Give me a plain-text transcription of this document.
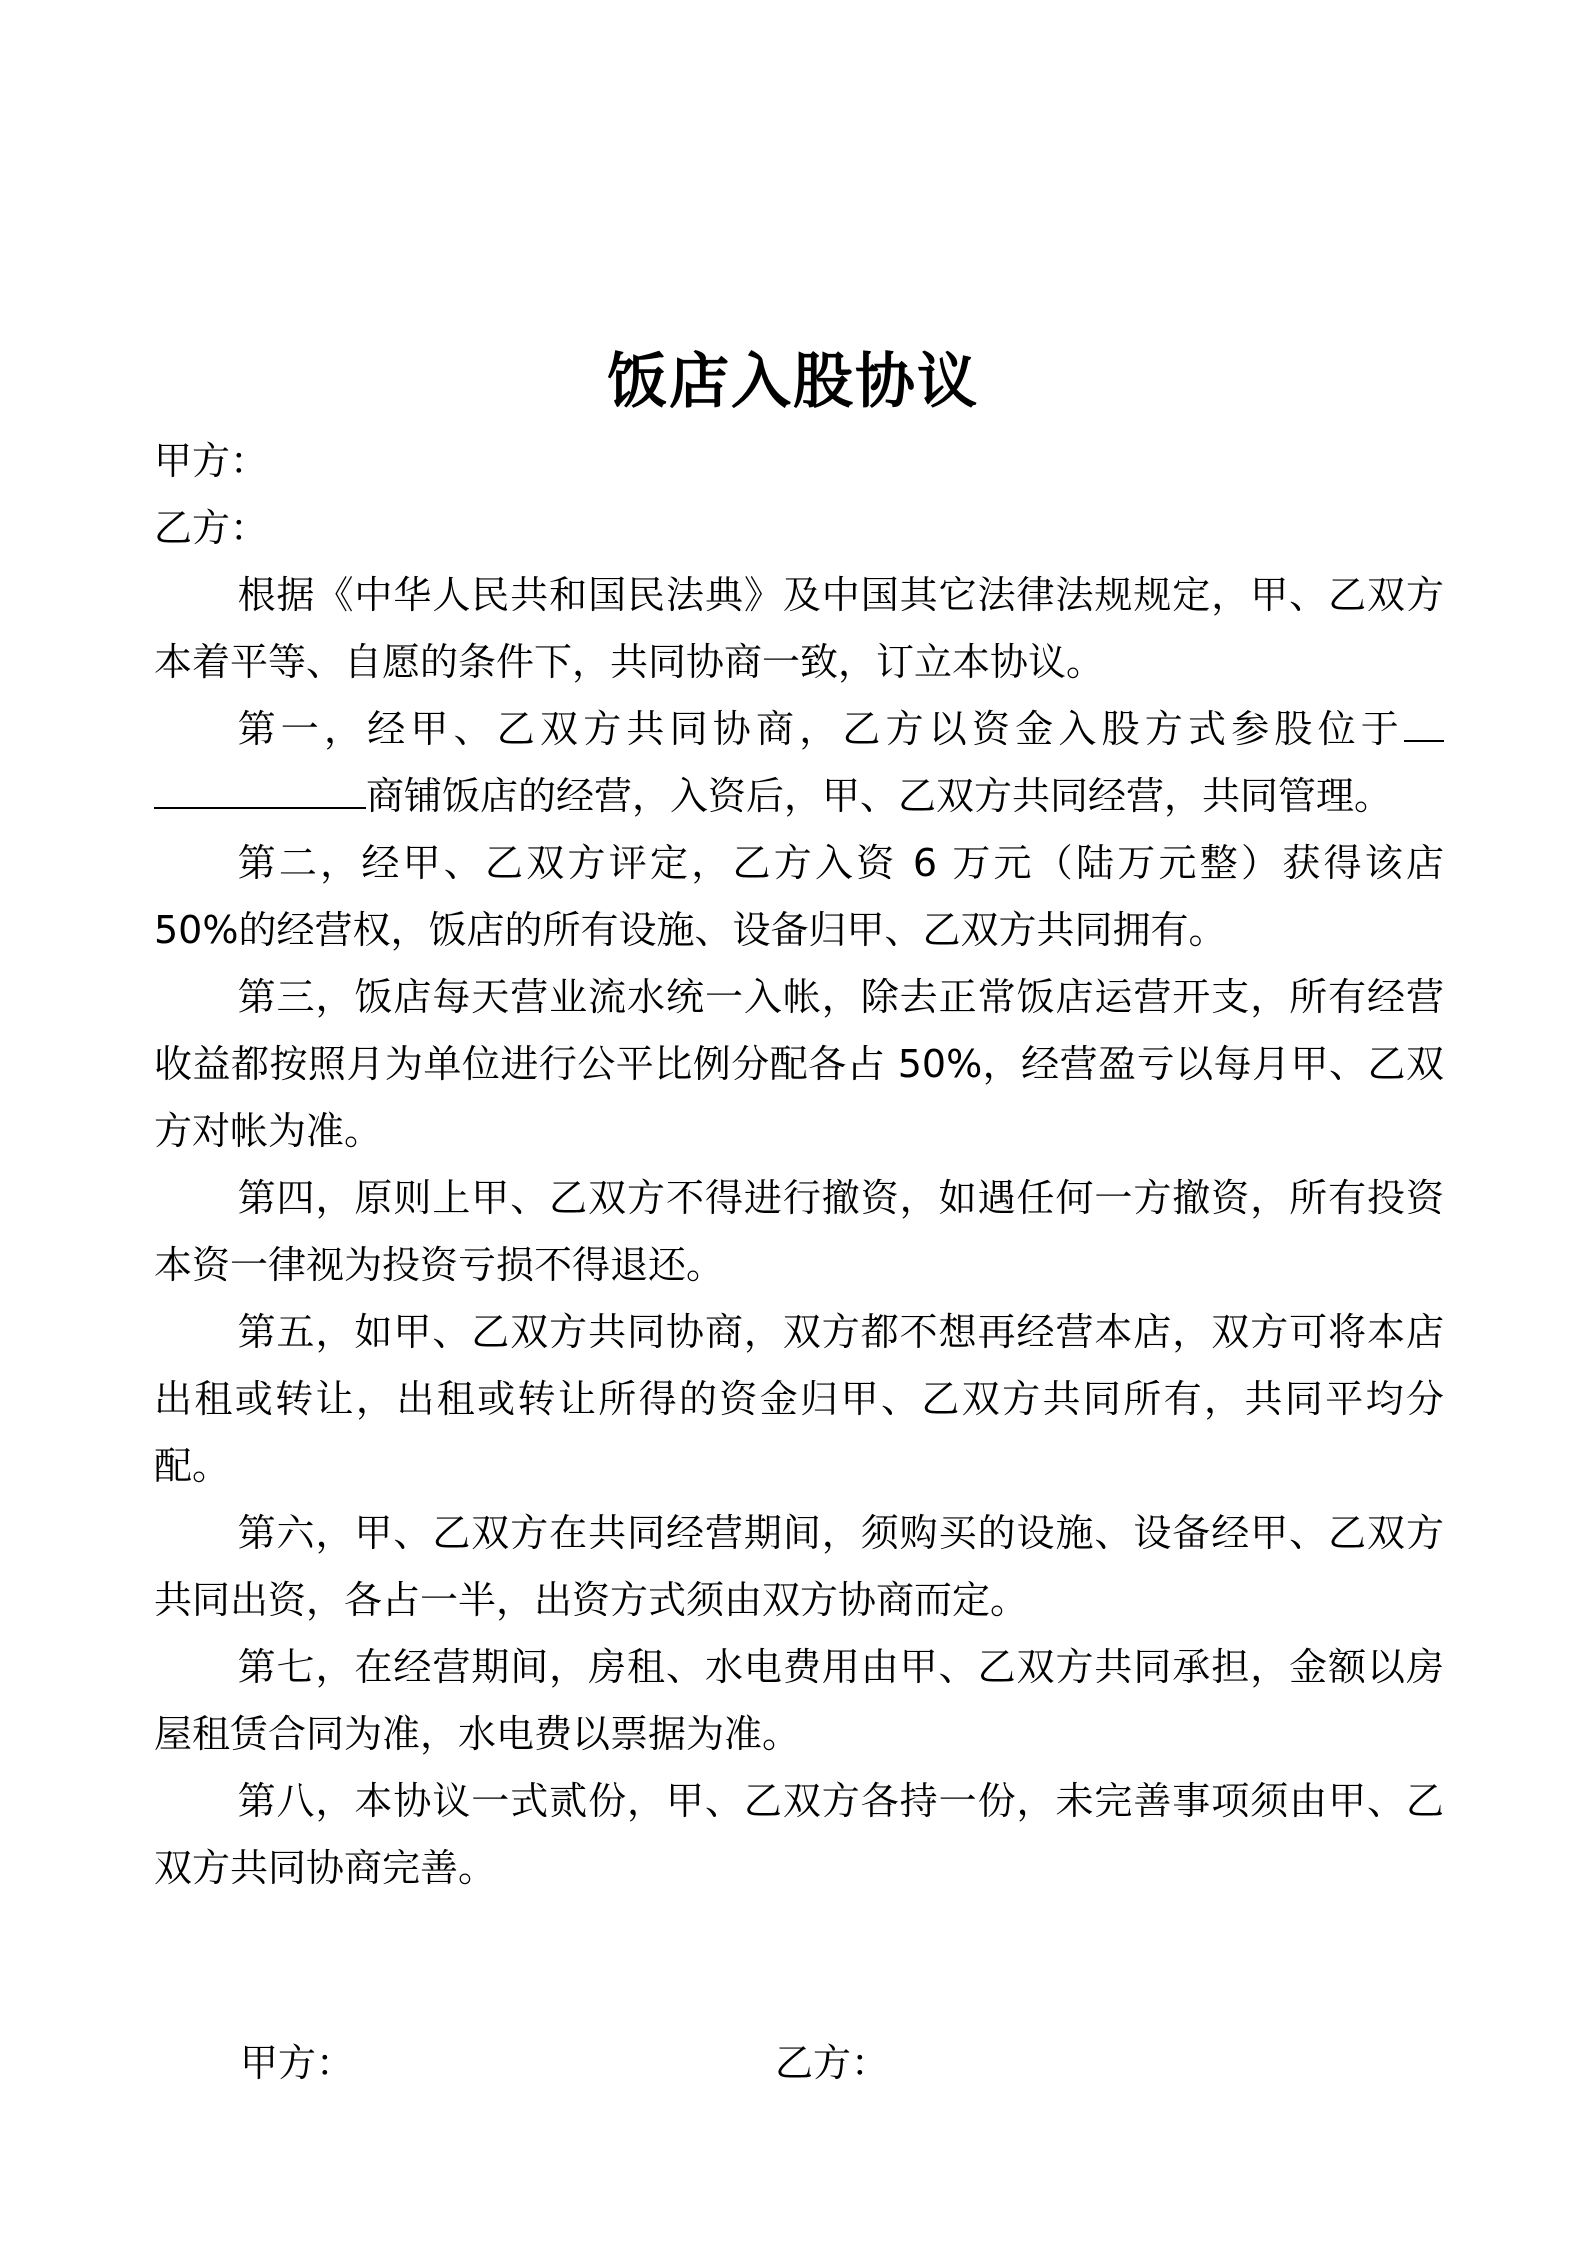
饭店入股协议

甲方：

乙方：

根据《中华人民共和国民法典》及中国其它法律法规规定，甲、乙双方本着平等、自愿的条件下，共同协商一致，订立本协议。

第一，经甲、乙双方共同协商，乙方以资金入股方式参股位于商铺饭店的经营，入资后，甲、乙双方共同经营，共同管理。

第二，经甲、乙双方评定，乙方入资 6 万元（陆万元整）获得该店 50%的经营权，饭店的所有设施、设备归甲、乙双方共同拥有。

第三，饭店每天营业流水统一入帐，除去正常饭店运营开支，所有经营收益都按照月为单位进行公平比例分配各占 50%，经营盈亏以每月甲、乙双方对帐为准。

第四，原则上甲、乙双方不得进行撤资，如遇任何一方撤资，所有投资本资一律视为投资亏损不得退还。

第五，如甲、乙双方共同协商，双方都不想再经营本店，双方可将本店出租或转让，出租或转让所得的资金归甲、乙双方共同所有，共同平均分配。

第六，甲、乙双方在共同经营期间，须购买的设施、设备经甲、乙双方共同出资，各占一半，出资方式须由双方协商而定。

第七，在经营期间，房租、水电费用由甲、乙双方共同承担，金额以房屋租赁合同为准，水电费以票据为准。

第八，本协议一式贰份，甲、乙双方各持一份，未完善事项须由甲、乙双方共同协商完善。

甲方：	乙方：
